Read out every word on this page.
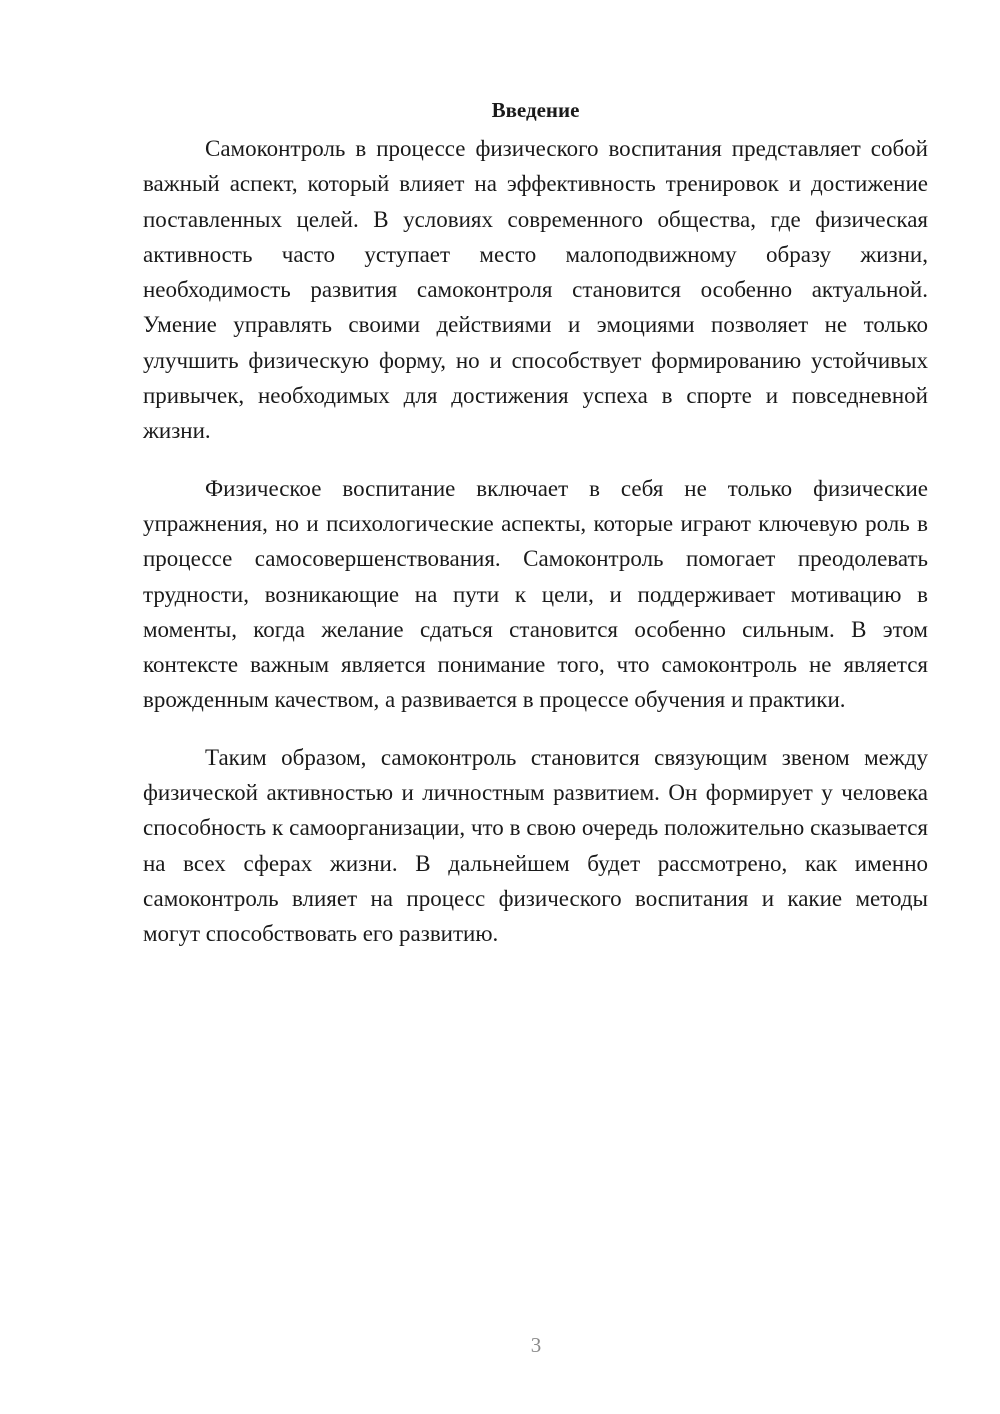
Введение

Самоконтроль в процессе физического воспитания представляет собой важный аспект, который влияет на эффективность тренировок и достижение поставленных целей. В условиях современного общества, где физическая активность часто уступает место малоподвижному образу жизни, необходимость развития самоконтроля становится особенно актуальной. Умение управлять своими действиями и эмоциями позволяет не только улучшить физическую форму, но и способствует формированию устойчивых привычек, необходимых для достижения успеха в спорте и повседневной жизни.

Физическое воспитание включает в себя не только физические упражнения, но и психологические аспекты, которые играют ключевую роль в процессе самосовершенствования. Самоконтроль помогает преодолевать трудности, возникающие на пути к цели, и поддерживает мотивацию в моменты, когда желание сдаться становится особенно сильным. В этом контексте важным является понимание того, что самоконтроль не является врожденным качеством, а развивается в процессе обучения и практики.

Таким образом, самоконтроль становится связующим звеном между физической активностью и личностным развитием. Он формирует у человека способность к самоорганизации, что в свою очередь положительно сказывается на всех сферах жизни. В дальнейшем будет рассмотрено, как именно самоконтроль влияет на процесс физического воспитания и какие методы могут способствовать его развитию.

3
